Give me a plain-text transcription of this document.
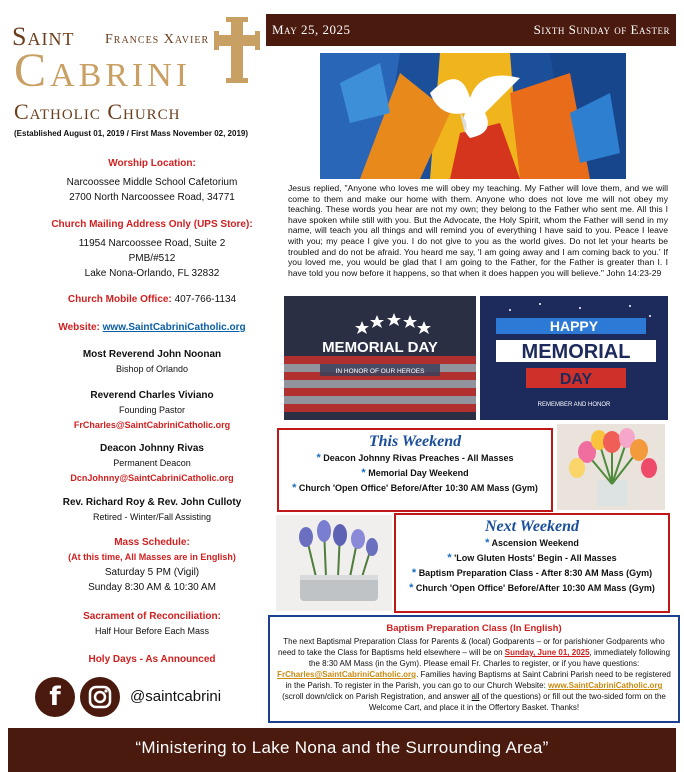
Saint Frances Xavier
Cabrini
Catholic Church
(Established August 01, 2019 / First Mass November 02, 2019)
Worship Location:
Narcoossee Middle School Cafetorium
2700 North Narcoossee Road, 34771
Church Mailing Address Only (UPS Store):
11954 Narcoossee Road, Suite 2
PMB/#512
Lake Nona-Orlando, FL 32832
Church Mobile Office: 407-766-1134
Website: www.SaintCabriniCatholic.org
Most Reverend John Noonan
Bishop of Orlando
Reverend Charles Viviano
Founding Pastor
FrCharles@SaintCabriniCatholic.org
Deacon Johnny Rivas
Permanent Deacon
DcnJohnny@SaintCabriniCatholic.org
Rev. Richard Roy & Rev. John Culloty
Retired - Winter/Fall Assisting
Mass Schedule:
(At this time, All Masses are in English)
Saturday 5 PM (Vigil)
Sunday 8:30 AM & 10:30 AM
Sacrament of Reconciliation:
Half Hour Before Each Mass
Holy Days - As Announced
f	@saintcabrini
May 25, 2025	Sixth Sunday of Easter
Jesus replied, "Anyone who loves me will obey my teaching. My Father will love them, and we will come to them and make our home with them. Anyone who does not love me will not obey my teaching. These words you hear are not my own; they belong to the Father who sent me. All this I have spoken while still with you. But the Advocate, the Holy Spirit, whom the Father will send in my name, will teach you all things and will remind you of everything I have said to you. Peace I leave with you; my peace I give you. I do not give to you as the world gives. Do not let your hearts be troubled and do not be afraid. You heard me say, 'I am going away and I am coming back to you.' If you loved me, you would be glad that I am going to the Father, for the Father is greater than I. I have told you now before it happens, so that when it does happen you will believe." John 14:23-29
MEMORIAL DAY
IN HONOR OF OUR HEROES
HAPPY
MEMORIAL
DAY
REMEMBER AND HONOR
This Weekend
* Deacon Johnny Rivas Preaches - All Masses
* Memorial Day Weekend
* Church 'Open Office' Before/After 10:30 AM Mass (Gym)
Next Weekend
* Ascension Weekend
* 'Low Gluten Hosts' Begin - All Masses
* Baptism Preparation Class - After 8:30 AM Mass (Gym)
* Church 'Open Office' Before/After 10:30 AM Mass (Gym)
Baptism Preparation Class (In English)
The next Baptismal Preparation Class for Parents & (local) Godparents – or for parishioner Godparents who need to take the Class for Baptisms held elsewhere – will be on Sunday, June 01, 2025, immediately following the 8:30 AM Mass (in the Gym). Please email Fr. Charles to register, or if you have questions: FrCharles@SaintCabriniCatholic.org. Families having Baptisms at Saint Cabrini Parish need to be registered in the Parish. To register in the Parish, you can go to our Church Website: www.SaintCabriniCatholic.org (scroll down/click on Parish Registration, and answer all of the questions) or fill out the two-sided form on the Welcome Cart, and place it in the Offertory Basket. Thanks!
“Ministering to Lake Nona and the Surrounding Area”
